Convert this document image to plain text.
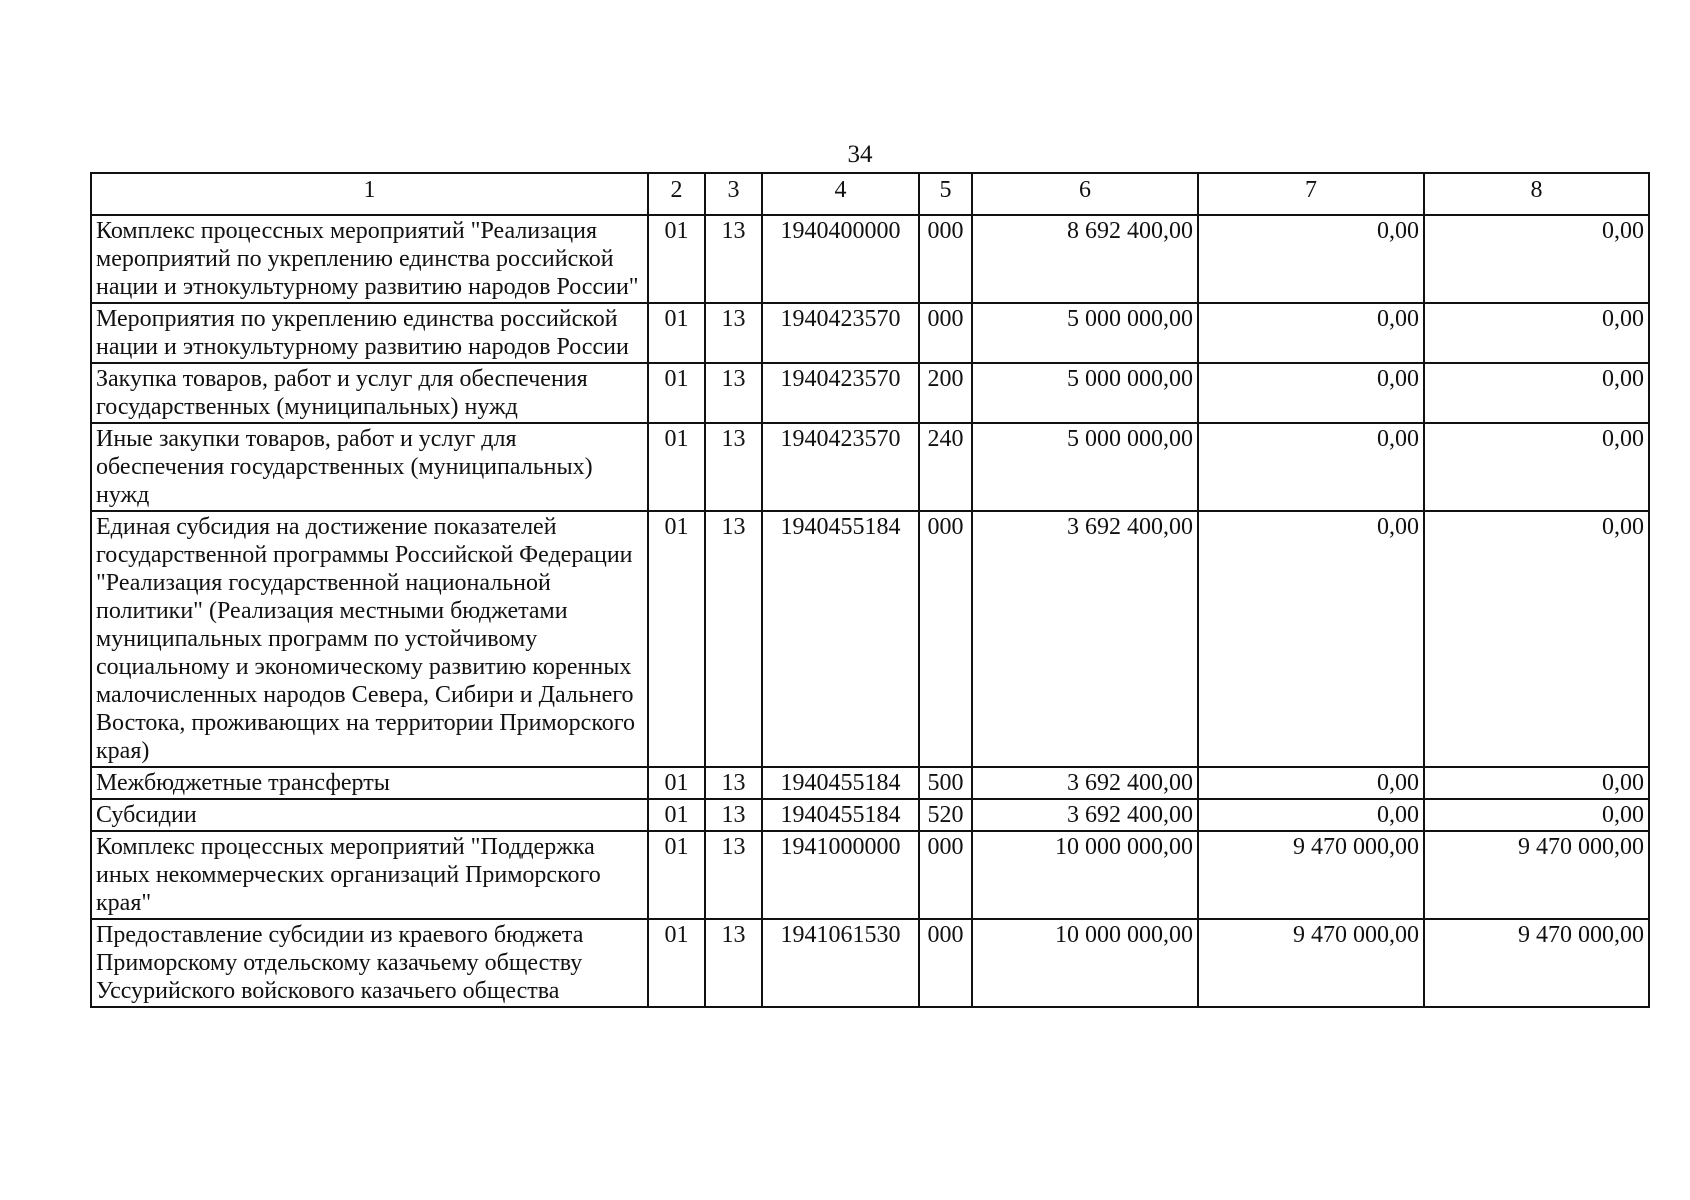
34
1	2	3	4	5	6	7	8
Комплекс процессных мероприятий "Реализация мероприятий по укреплению единства российской нации и этнокультурному развитию народов России"	01	13	1940400000	000	8 692 400,00	0,00	0,00
Мероприятия по укреплению единства российской нации и этнокультурному развитию народов России	01	13	1940423570	000	5 000 000,00	0,00	0,00
Закупка товаров, работ и услуг для обеспечения государственных (муниципальных) нужд	01	13	1940423570	200	5 000 000,00	0,00	0,00
Иные закупки товаров, работ и услуг для обеспечения государственных (муниципальных) нужд	01	13	1940423570	240	5 000 000,00	0,00	0,00
Единая субсидия на достижение показателей государственной программы Российской Федерации "Реализация государственной национальной политики" (Реализация местными бюджетами муниципальных программ по устойчивому социальному и экономическому развитию коренных малочисленных народов Севера, Сибири и Дальнего Востока, проживающих на территории Приморского края)	01	13	1940455184	000	3 692 400,00	0,00	0,00
Межбюджетные трансферты	01	13	1940455184	500	3 692 400,00	0,00	0,00
Субсидии	01	13	1940455184	520	3 692 400,00	0,00	0,00
Комплекс процессных мероприятий "Поддержка иных некоммерческих организаций Приморского края"	01	13	1941000000	000	10 000 000,00	9 470 000,00	9 470 000,00
Предоставление субсидии из краевого бюджета Приморскому отдельскому казачьему обществу Уссурийского войскового казачьего общества	01	13	1941061530	000	10 000 000,00	9 470 000,00	9 470 000,00
